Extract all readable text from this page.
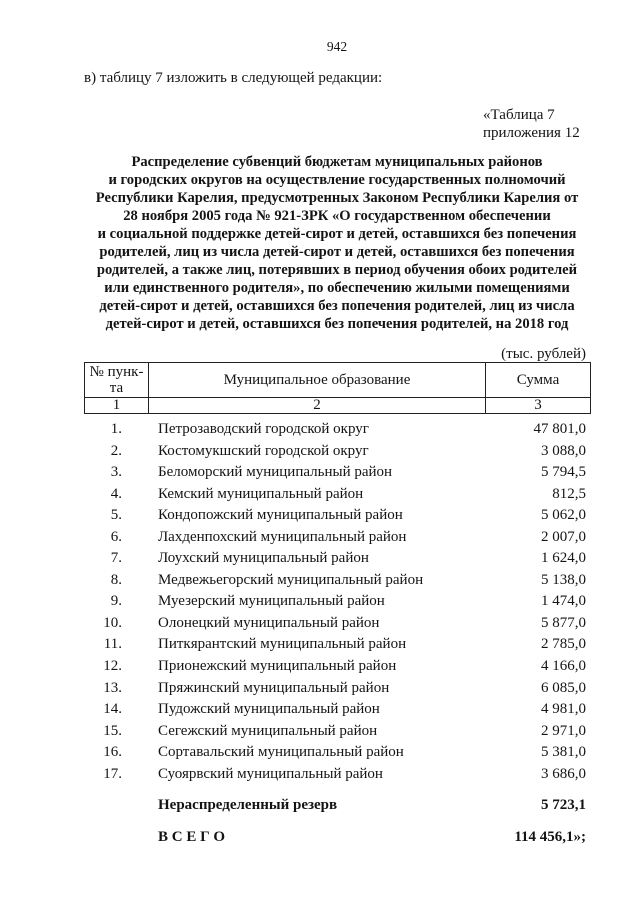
942
в) таблицу 7 изложить в следующей редакции:
«Таблица 7
приложения 12
Распределение субвенций бюджетам муниципальных районов
и городских округов на осуществление государственных полномочий
Республики Карелия, предусмотренных Законом Республики Карелия от
28 ноября 2005 года № 921-ЗРК «О государственном обеспечении
и социальной поддержке детей-сирот и детей, оставшихся без попечения
родителей, лиц из числа детей-сирот и детей, оставшихся без попечения
родителей, а также лиц, потерявших в период обучения обоих родителей
или единственного родителя», по обеспечению жилыми помещениями
детей-сирот и детей, оставшихся без попечения родителей, лиц из числа
детей-сирот и детей, оставшихся без попечения родителей, на 2018 год
(тыс. рублей)
№ пунк-
та	Муниципальное образование	Сумма
1	2	3
1. Петрозаводский городской округ	47 801,0
2. Костомукшский городской округ	3 088,0
3. Беломорский муниципальный район	5 794,5
4. Кемский муниципальный район	812,5
5. Кондопожский муниципальный район	5 062,0
6. Лахденпохский муниципальный район	2 007,0
7. Лоухский муниципальный район	1 624,0
8. Медвежьегорский муниципальный район	5 138,0
9. Муезерский муниципальный район	1 474,0
10. Олонецкий муниципальный район	5 877,0
11. Питкярантский муниципальный район	2 785,0
12. Прионежский муниципальный район	4 166,0
13. Пряжинский муниципальный район	6 085,0
14. Пудожский муниципальный район	4 981,0
15. Сегежский муниципальный район	2 971,0
16. Сортавальский муниципальный район	5 381,0
17. Суоярвский муниципальный район	3 686,0
Нераспределенный резерв	5 723,1
В С Е Г О	114 456,1»;
